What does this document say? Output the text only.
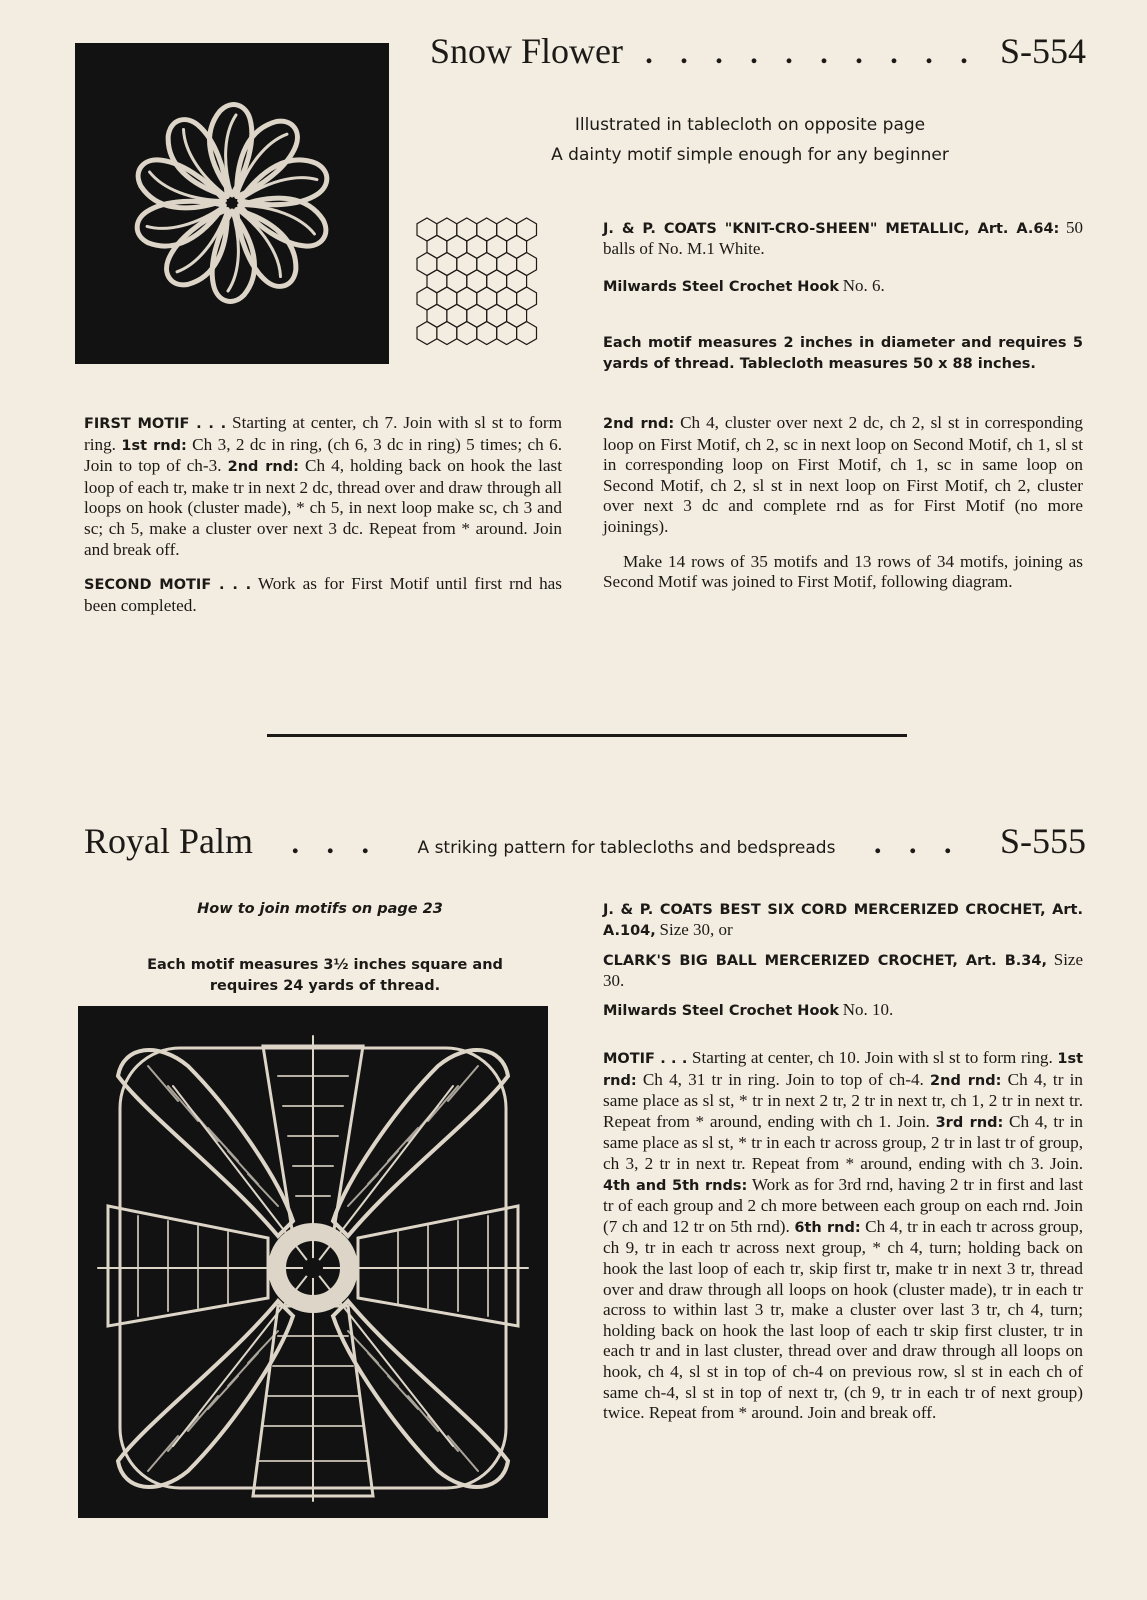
Snow Flower . . . . . . . . . . S-554
Illustrated in tablecloth on opposite page
A dainty motif simple enough for any beginner
J. & P. COATS "KNIT-CRO-SHEEN" METALLIC, Art. A.64: 50 balls of No. M.1 White.
Milwards Steel Crochet Hook No. 6.
Each motif measures 2 inches in diameter and requires 5 yards of thread. Tablecloth measures 50 x 88 inches.
FIRST MOTIF . . . Starting at center, ch 7. Join with sl st to form ring. 1st rnd: Ch 3, 2 dc in ring, (ch 6, 3 dc in ring) 5 times; ch 6. Join to top of ch-3. 2nd rnd: Ch 4, holding back on hook the last loop of each tr, make tr in next 2 dc, thread over and draw through all loops on hook (cluster made), * ch 5, in next loop make sc, ch 3 and sc; ch 5, make a cluster over next 3 dc. Repeat from * around. Join and break off.
SECOND MOTIF . . . Work as for First Motif until first rnd has been completed.
2nd rnd: Ch 4, cluster over next 2 dc, ch 2, sl st in corresponding loop on First Motif, ch 2, sc in next loop on Second Motif, ch 1, sl st in corresponding loop on First Motif, ch 1, sc in same loop on Second Motif, ch 2, sl st in next loop on First Motif, ch 2, cluster over next 3 dc and complete rnd as for First Motif (no more joinings).
Make 14 rows of 35 motifs and 13 rows of 34 motifs, joining as Second Motif was joined to First Motif, following diagram.
Royal Palm . . . A striking pattern for tablecloths and bedspreads . . . S-555
How to join motifs on page 23
Each motif measures 3½ inches square and requires 24 yards of thread.
J. & P. COATS BEST SIX CORD MERCERIZED CROCHET, Art. A.104, Size 30, or
CLARK'S BIG BALL MERCERIZED CROCHET, Art. B.34, Size 30.
Milwards Steel Crochet Hook No. 10.
MOTIF . . . Starting at center, ch 10. Join with sl st to form ring. 1st rnd: Ch 4, 31 tr in ring. Join to top of ch-4. 2nd rnd: Ch 4, tr in same place as sl st, * tr in next 2 tr, 2 tr in next tr, ch 1, 2 tr in next tr. Repeat from * around, ending with ch 1. Join. 3rd rnd: Ch 4, tr in same place as sl st, * tr in each tr across group, 2 tr in last tr of group, ch 3, 2 tr in next tr. Repeat from * around, ending with ch 3. Join. 4th and 5th rnds: Work as for 3rd rnd, having 2 tr in first and last tr of each group and 2 ch more between each group on each rnd. Join (7 ch and 12 tr on 5th rnd). 6th rnd: Ch 4, tr in each tr across group, ch 9, tr in each tr across next group, * ch 4, turn; holding back on hook the last loop of each tr, skip first tr, make tr in next 3 tr, thread over and draw through all loops on hook (cluster made), tr in each tr across to within last 3 tr, make a cluster over last 3 tr, ch 4, turn; holding back on hook the last loop of each tr skip first cluster, tr in each tr and in last cluster, thread over and draw through all loops on hook, ch 4, sl st in top of ch-4 on previous row, sl st in each ch of same ch-4, sl st in top of next tr, (ch 9, tr in each tr of next group) twice. Repeat from * around. Join and break off.
